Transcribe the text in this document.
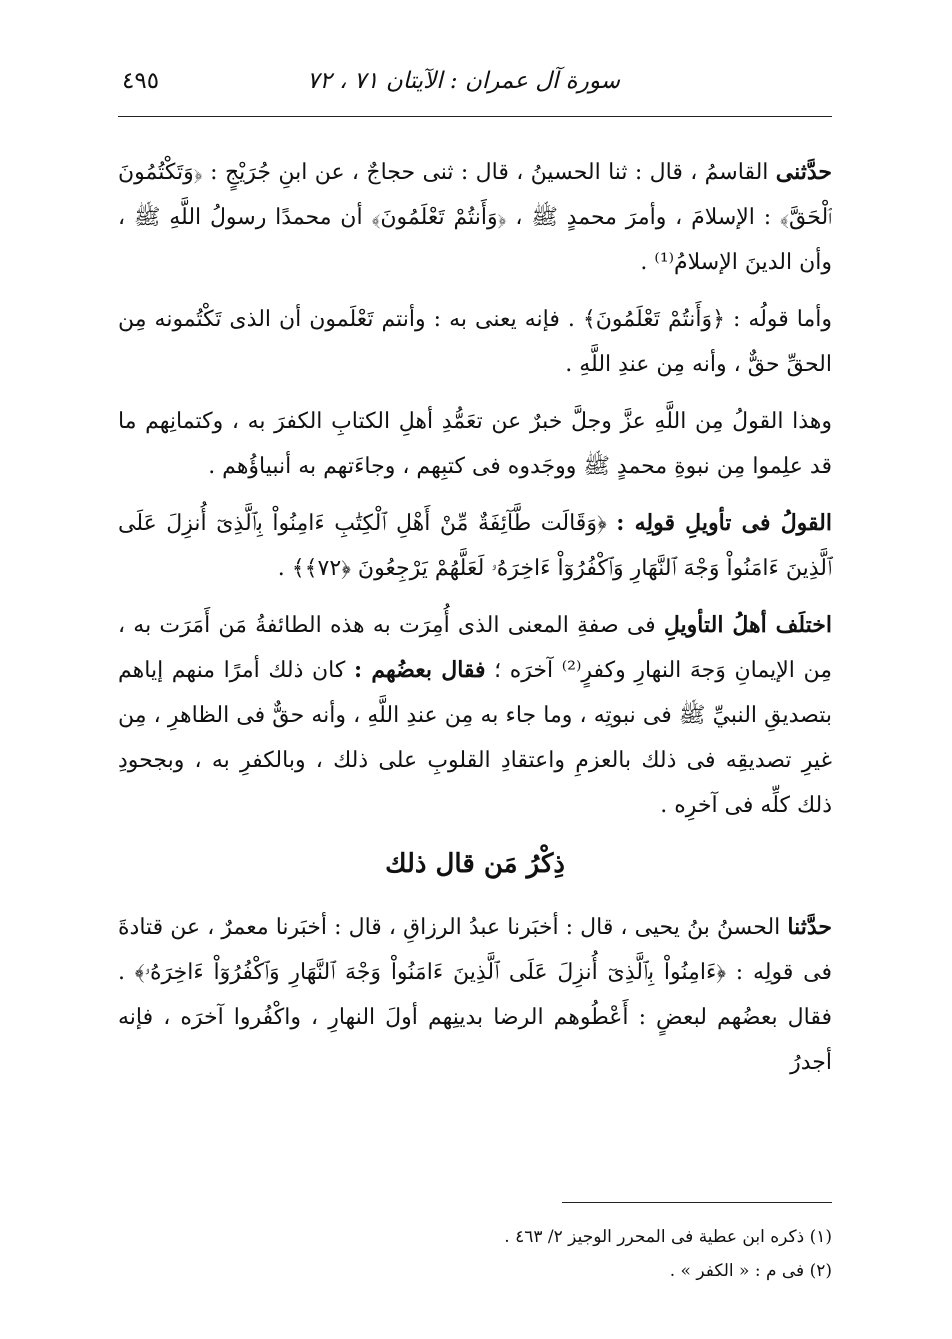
سورة آل عمران : الآيتان ٧١ ، ٧٢
٤٩٥

حدَّثنى القاسمُ ، قال : ثنا الحسينُ ، قال : ثنى حجاجٌ ، عن ابنِ جُرَيْجٍ : ﴿وَتَكْتُمُونَ ٱلْحَقَّ﴾ : الإسلامَ ، وأمرَ محمدٍ ﷺ ، ﴿وَأَنتُمْ تَعْلَمُونَ﴾ أن محمدًا رسولُ اللَّهِ ﷺ ، وأن الدينَ الإسلامُ⁽¹⁾ .

وأما قولُه : ﴿وَأَنتُمْ تَعْلَمُونَ﴾ . فإنه يعنى به : وأنتم تَعْلَمون أن الذى تَكْتُمونه مِن الحقِّ حقٌّ ، وأنه مِن عندِ اللَّهِ .

وهذا القولُ مِن اللَّهِ عزَّ وجلَّ خبرٌ عن تعَمُّدِ أهلِ الكتابِ الكفرَ به ، وكتمانِهم ما قد علِموا مِن نبوةِ محمدٍ ﷺ ووجَدوه فى كتبِهم ، وجاءَتهم به أنبياؤُهم .

القولُ فى تأويلِ قولِه : ﴿وَقَالَت طَّآئِفَةٌ مِّنْ أَهْلِ ٱلْكِتَٰبِ ءَامِنُواْ بِٱلَّذِىٓ أُنزِلَ عَلَى ٱلَّذِينَ ءَامَنُواْ وَجْهَ ٱلنَّهَارِ وَٱكْفُرُوٓاْ ءَاخِرَهُۥ لَعَلَّهُمْ يَرْجِعُونَ ﴿٧٢﴾﴾ .

اختلَف أهلُ التأويلِ فى صفةِ المعنى الذى أُمِرَت به هذه الطائفةُ مَن أَمَرَت به ، مِن الإيمانِ وَجهَ النهارِ وكفرٍ⁽²⁾ آخرَه ؛ فقال بعضُهم : كان ذلك أمرًا منهم إياهم بتصديقِ النبيِّ ﷺ فى نبوتِه ، وما جاء به مِن عندِ اللَّهِ ، وأنه حقٌّ فى الظاهرِ ، مِن غيرِ تصديقِه فى ذلك بالعزمِ واعتقادِ القلوبِ على ذلك ، وبالكفرِ به ، وبجحودِ ذلك كلِّه فى آخرِه .

ذِكْرُ مَن قال ذلك

حدَّثنا الحسنُ بنُ يحيى ، قال : أخبَرنا عبدُ الرزاقِ ، قال : أخبَرنا معمرٌ ، عن قتادةَ فى قولِه : ﴿ءَامِنُواْ بِٱلَّذِىٓ أُنزِلَ عَلَى ٱلَّذِينَ ءَامَنُواْ وَجْهَ ٱلنَّهَارِ وَٱكْفُرُوٓاْ ءَاخِرَهُۥ﴾ . فقال بعضُهم لبعضٍ : أَعْطُوهم الرضا بدينِهم أولَ النهارِ ، واكْفُروا آخرَه ، فإنه أجدرُ

(١) ذكره ابن عطية فى المحرر الوجيز ٢/ ٤٦٣ .

(٢) فى م : « الكفر » .
